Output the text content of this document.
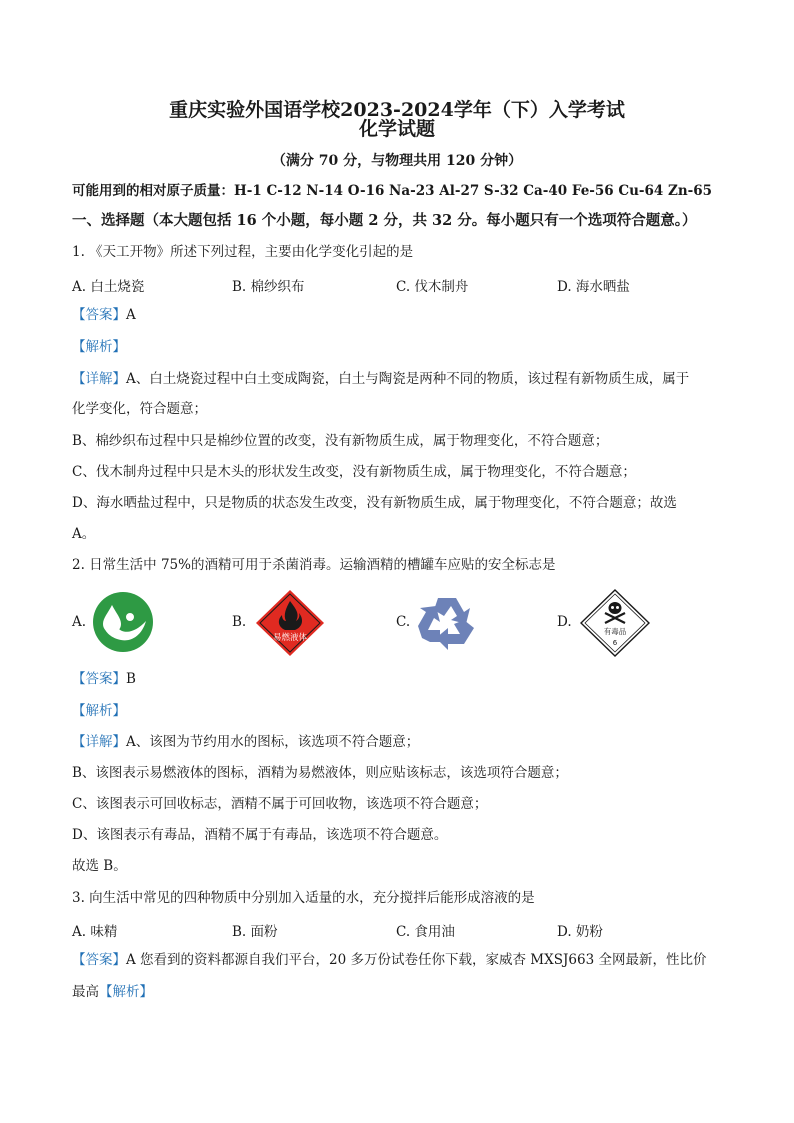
重庆实验外国语学校2023-2024学年（下）入学考试
化学试题
（满分 70 分，与物理共用 120 分钟）
可能用到的相对原子质量：H-1 C-12 N-14 O-16 Na-23 Al-27 S-32 Ca-40 Fe-56 Cu-64 Zn-65
一、选择题（本大题包括 16 个小题，每小题 2 分，共 32 分。每小题只有一个选项符合题意。）
1. 《天工开物》所述下列过程，主要由化学变化引起的是
A. 白土烧瓷	B. 棉纱织布	C. 伐木制舟	D. 海水晒盐
【答案】A
【解析】
【详解】A、白土烧瓷过程中白土变成陶瓷，白土与陶瓷是两种不同的物质，该过程有新物质生成，属于
化学变化，符合题意；
B、棉纱织布过程中只是棉纱位置的改变，没有新物质生成，属于物理变化，不符合题意；
C、伐木制舟过程中只是木头的形状发生改变，没有新物质生成，属于物理变化，不符合题意；
D、海水晒盐过程中，只是物质的状态发生改变，没有新物质生成，属于物理变化，不符合题意；故选
A。
2. 日常生活中 75%的酒精可用于杀菌消毒。运输酒精的槽罐车应贴的安全标志是
A.	B.
易燃液体
C.	D.
有毒品
6
【答案】B
【解析】
【详解】A、该图为节约用水的图标，该选项不符合题意；
B、该图表示易燃液体的图标，酒精为易燃液体，则应贴该标志，该选项符合题意；
C、该图表示可回收标志，酒精不属于可回收物，该选项不符合题意；
D、该图表示有毒品，酒精不属于有毒品，该选项不符合题意。
故选 B。
3. 向生活中常见的四种物质中分别加入适量的水，充分搅拌后能形成溶液的是
A. 味精	B. 面粉	C. 食用油	D. 奶粉
【答案】A 您看到的资料都源自我们平台，20 多万份试卷任你下载，家威杏 MXSJ663 全网最新，性比价
最高【解析】
